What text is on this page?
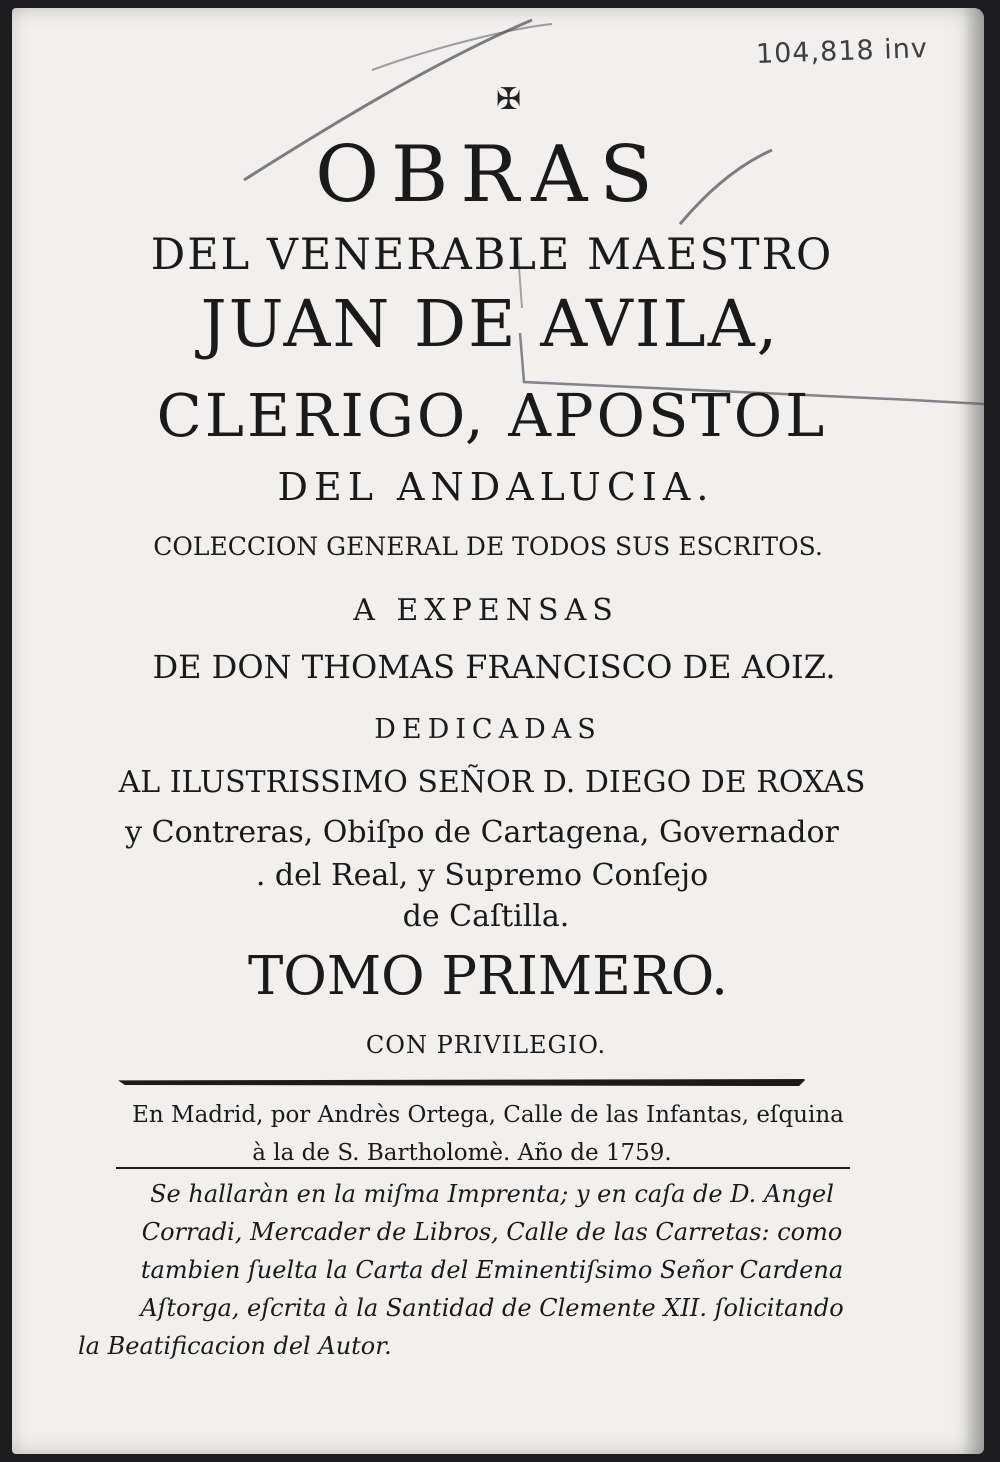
104,818 inv
✠
OBRAS
DEL VENERABLE MAESTRO
JUAN DE AVILA,
CLERIGO, APOSTOL
DEL ANDALUCIA.
COLECCION GENERAL DE TODOS SUS ESCRITOS.
A EXPENSAS
DE DON THOMAS FRANCISCO DE AOIZ.
DEDICADAS
AL ILUSTRISSIMO SEÑOR D. DIEGO DE ROXAS
y Contreras, Obiſpo de Cartagena, Governador
. del Real, y Supremo Conſejo
de Caſtilla.
TOMO PRIMERO.
CON PRIVILEGIO.
En Madrid, por Andrès Ortega, Calle de las Infantas, eſquina
à la de S. Bartholomè. Año de 1759.
Se hallaràn en la miſma Imprenta; y en caſa de D. Angel
Corradi, Mercader de Libros, Calle de las Carretas: como
tambien ſuelta la Carta del Eminentiſsimo Señor Cardena
Aſtorga, eſcrita à la Santidad de Clemente XII. ſolicitando
la Beatificacion del Autor.
